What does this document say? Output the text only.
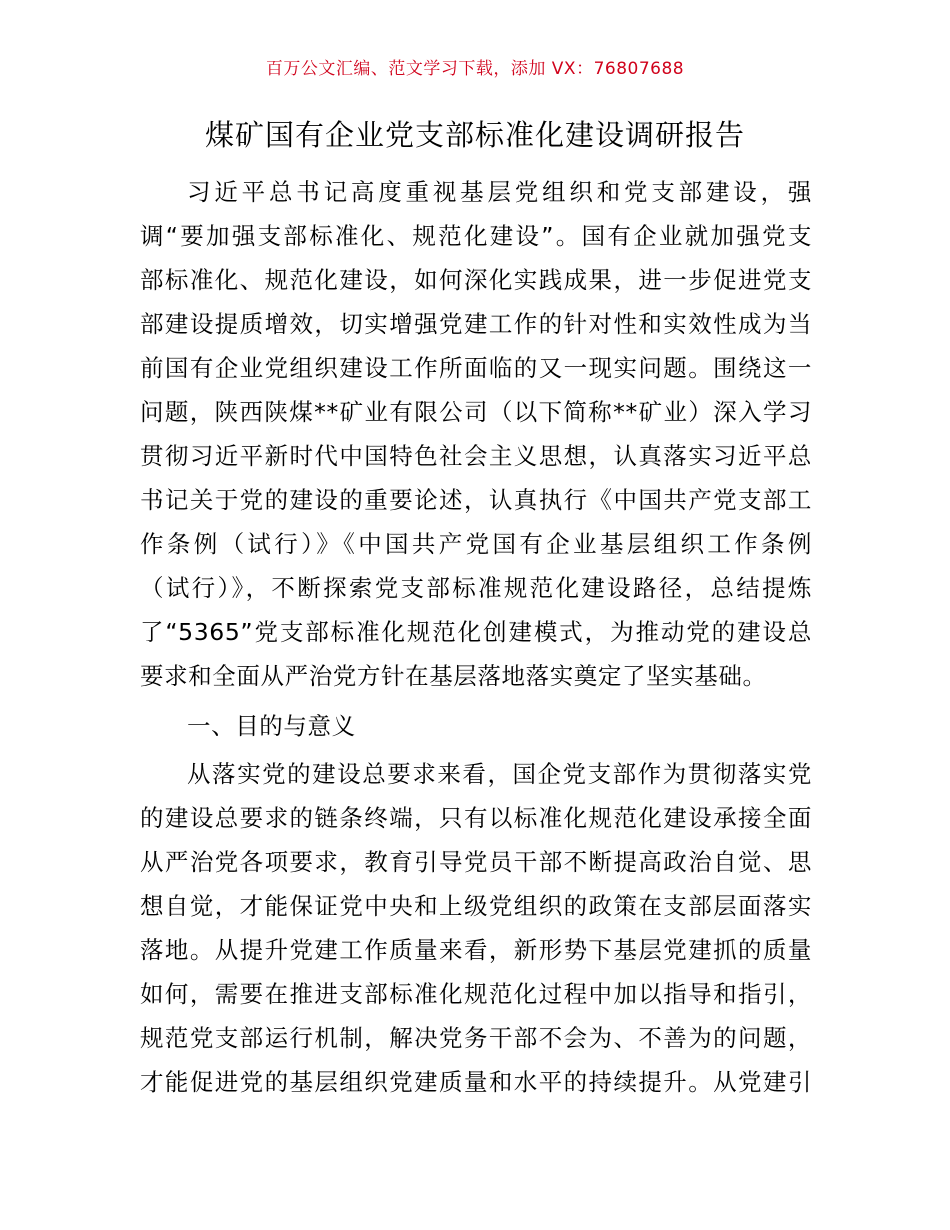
百万公文汇编、范文学习下载，添加 VX：76807688
煤矿国有企业党支部标准化建设调研报告
习近平总书记高度重视基层党组织和党支部建设，强
调“要加强支部标准化、规范化建设”。国有企业就加强党支
部标准化、规范化建设，如何深化实践成果，进一步促进党支
部建设提质增效，切实增强党建工作的针对性和实效性成为当
前国有企业党组织建设工作所面临的又一现实问题。围绕这一
问题，陕西陕煤**矿业有限公司（以下简称**矿业）深入学习
贯彻习近平新时代中国特色社会主义思想，认真落实习近平总
书记关于党的建设的重要论述，认真执行《中国共产党支部工
作条例（试行）》《中国共产党国有企业基层组织工作条例
（试行）》，不断探索党支部标准规范化建设路径，总结提炼
了“5365”党支部标准化规范化创建模式，为推动党的建设总
要求和全面从严治党方针在基层落地落实奠定了坚实基础。
一、目的与意义
从落实党的建设总要求来看，国企党支部作为贯彻落实党
的建设总要求的链条终端，只有以标准化规范化建设承接全面
从严治党各项要求，教育引导党员干部不断提高政治自觉、思
想自觉，才能保证党中央和上级党组织的政策在支部层面落实
落地。从提升党建工作质量来看，新形势下基层党建抓的质量
如何，需要在推进支部标准化规范化过程中加以指导和指引，
规范党支部运行机制，解决党务干部不会为、不善为的问题，
才能促进党的基层组织党建质量和水平的持续提升。从党建引
